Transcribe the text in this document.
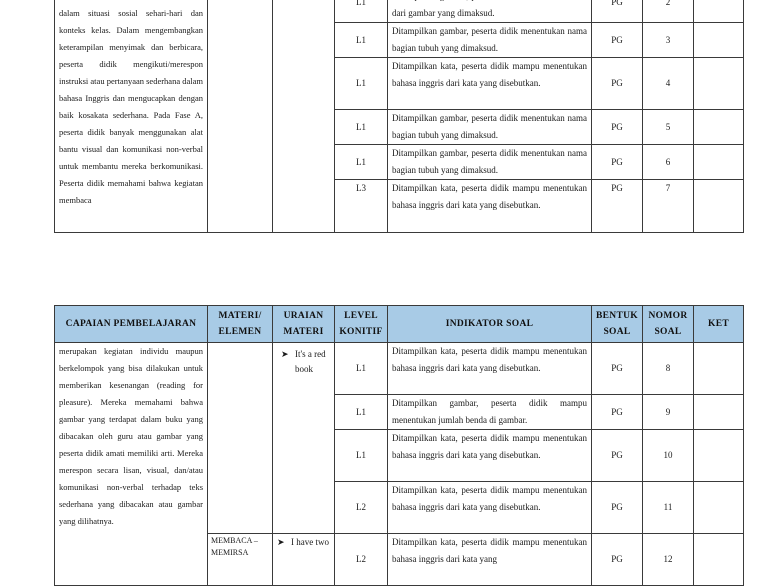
dalam situasi sosial sehari-hari dan konteks kelas. Dalam mengembangkan keterampilan menyimak dan berbicara, peserta didik mengikuti/merespon instruksi atau pertanyaan sederhana dalam bahasa Inggris dan mengucapkan dengan baik kosakata sederhana. Pada Fase A, peserta didik banyak menggunakan alat bantu visual dan komunikasi non-verbal untuk membantu mereka berkomunikasi. Peserta didik memahami bahwa kegiatan membaca			L1	dari gambar yang dimaksud.	PG	2	
			L1	Ditampilkan gambar, peserta didik menentukan nama bagian tubuh yang dimaksud.	PG	3	
			L1	Ditampilkan kata, peserta didik mampu menentukan bahasa inggris dari kata yang disebutkan.	PG	4	
			L1	Ditampilkan gambar, peserta didik menentukan nama bagian tubuh yang dimaksud.	PG	5	
			L1	Ditampilkan gambar, peserta didik menentukan nama bagian tubuh yang dimaksud.	PG	6	
			L3	Ditampilkan kata, peserta didik mampu menentukan bahasa inggris dari kata yang disebutkan.	PG	7	
CAPAIAN PEMBELAJARAN	MATERI/ ELEMEN	URAIAN MATERI	LEVEL KONITIF	INDIKATOR SOAL	BENTUK SOAL	NOMOR SOAL	KET

merupakan kegiatan individu maupun berkelompok yang bisa dilakukan untuk memberikan kesenangan (reading for pleasure). Mereka memahami bahwa gambar yang terdapat dalam buku yang dibacakan oleh guru atau gambar yang peserta didik amati memiliki arti. Mereka merespon secara lisan, visual, dan/atau komunikasi non-verbal terhadap teks sederhana yang dibacakan atau gambar yang dilihatnya.		➤ It's a red book	L1	Ditampilkan kata, peserta didik mampu menentukan bahasa inggris dari kata yang disebutkan.	PG	8	
			L1	Ditampilkan gambar, peserta didik mampu menentukan jumlah benda di gambar.	PG	9	
			L1	Ditampilkan kata, peserta didik mampu menentukan bahasa inggris dari kata yang disebutkan.	PG	10	
			L2	Ditampilkan kata, peserta didik mampu menentukan bahasa inggris dari kata yang disebutkan.	PG	11	
	MEMBACA – MEMIRSA	➤ I have two	L2	Ditampilkan kata, peserta didik mampu menentukan bahasa inggris dari kata yang	PG	12	
